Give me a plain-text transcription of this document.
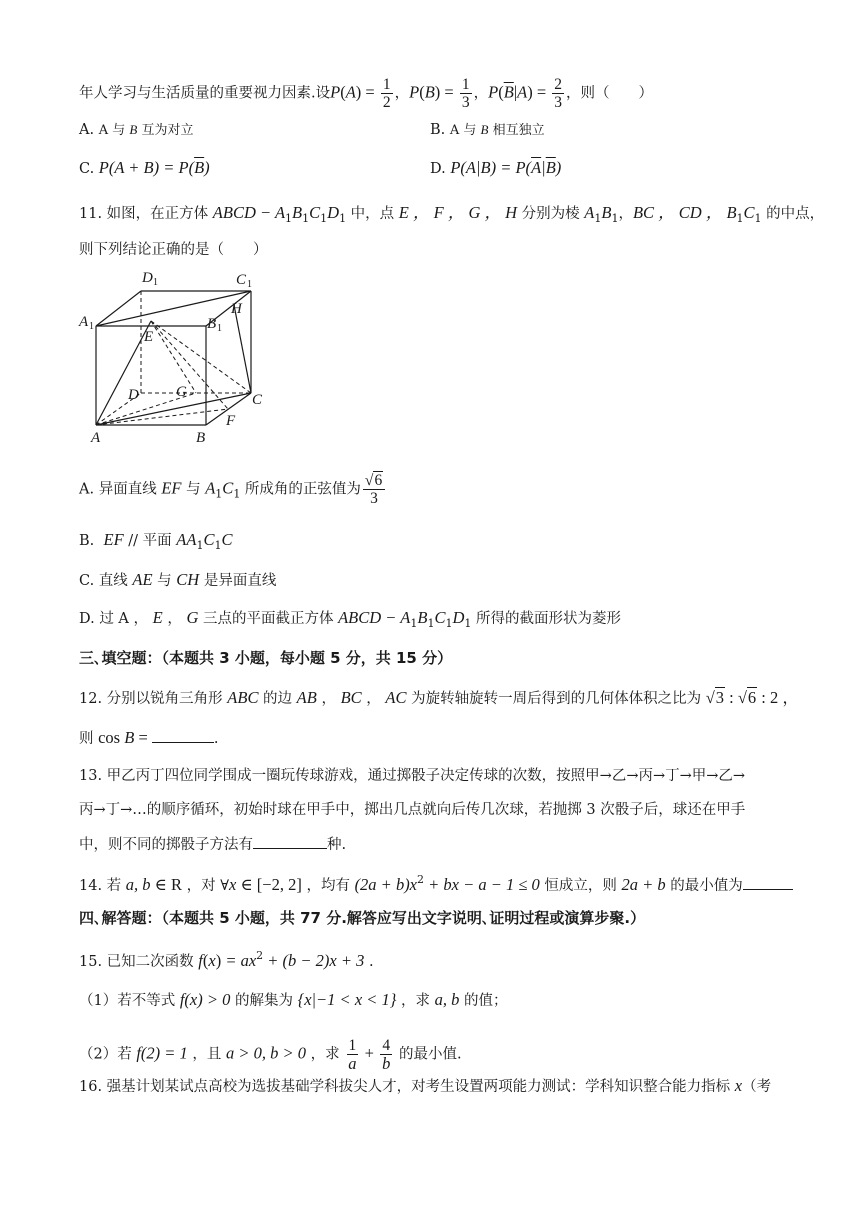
年人学习与生活质量的重要视力因素.设$P(A) = \frac{1}{2}$ ，$P(B) = \frac{1}{3}$ ，$P(\overline{B}|A) = \frac{2}{3}$ ，则（　　）
A. A 与 B 互为对立	B. A 与 B 相互独立
C. $P(A + B) = P(\overline{B})$	D. $P(A|B) = P(\overline{A}|\overline{B})$
11. 如图，在正方体 ABCD − $A_1B_1C_1D_1$ 中，点 E ， F ， G ， H 分别为棱 $A_1B_1$，BC ， CD ， $B_1C_1$ 的中点，
则下列结论正确的是（　　）
D 1	C 1
A 1	B 1
H
E
D G	C
F
A	B
A. 异面直线 EF 与 $A_1C_1$ 所成角的正弦值为 $\frac{√6}{3}$
B. EF // 平面 $AA_1C_1C$
C. 直线 AE 与 CH 是异面直线
D. 过 A ， E ， G 三点的平面截正方体 ABCD − $A_1B_1C_1D_1$ 所得的截面形状为菱形
三､填空题：（本题共 3 小题，每小题 5 分，共 15 分）
12. 分别以锐角三角形 ABC 的边 AB ， BC ， AC 为旋转轴旋转一周后得到的几何体体积之比为 √3 : √6 : 2 ，
则 cos B =	.
13. 甲乙丙丁四位同学围成一圈玩传球游戏，通过掷骰子决定传球的次数，按照甲→乙→丙→丁→甲→乙→
丙→丁→…的顺序循环，初始时球在甲手中，掷出几点就向后传几次球，若抛掷 3 次骰子后，球还在甲手
中，则不同的掷骰子方法有	种.
14. 若 a, b ∈ R ，对 ∀x ∈ [−2, 2] ，均有 $(2a + b)x^2$ + bx − a − 1 ≤ 0 恒成立，则 2a + b 的最小值为
四､解答题：（本题共 5 小题，共 77 分.解答应写出文字说明､证明过程或演算步聚.）
15. 已知二次函数 $f(x) = ax^2 + (b - 2)x + 3$ .
（1）若不等式 f(x) > 0 的解集为 {x|−1 < x < 1} ，求 a, b 的值；
（2）若 f(2) = 1 ，且 a > 0, b > 0 ，求 $\frac{1}{a} + \frac{4}{b}$ 的最小值.
16. 强基计划某试点高校为选拔基础学科拔尖人才，对考生设置两项能力测试：学科知识整合能力指标 x（考
